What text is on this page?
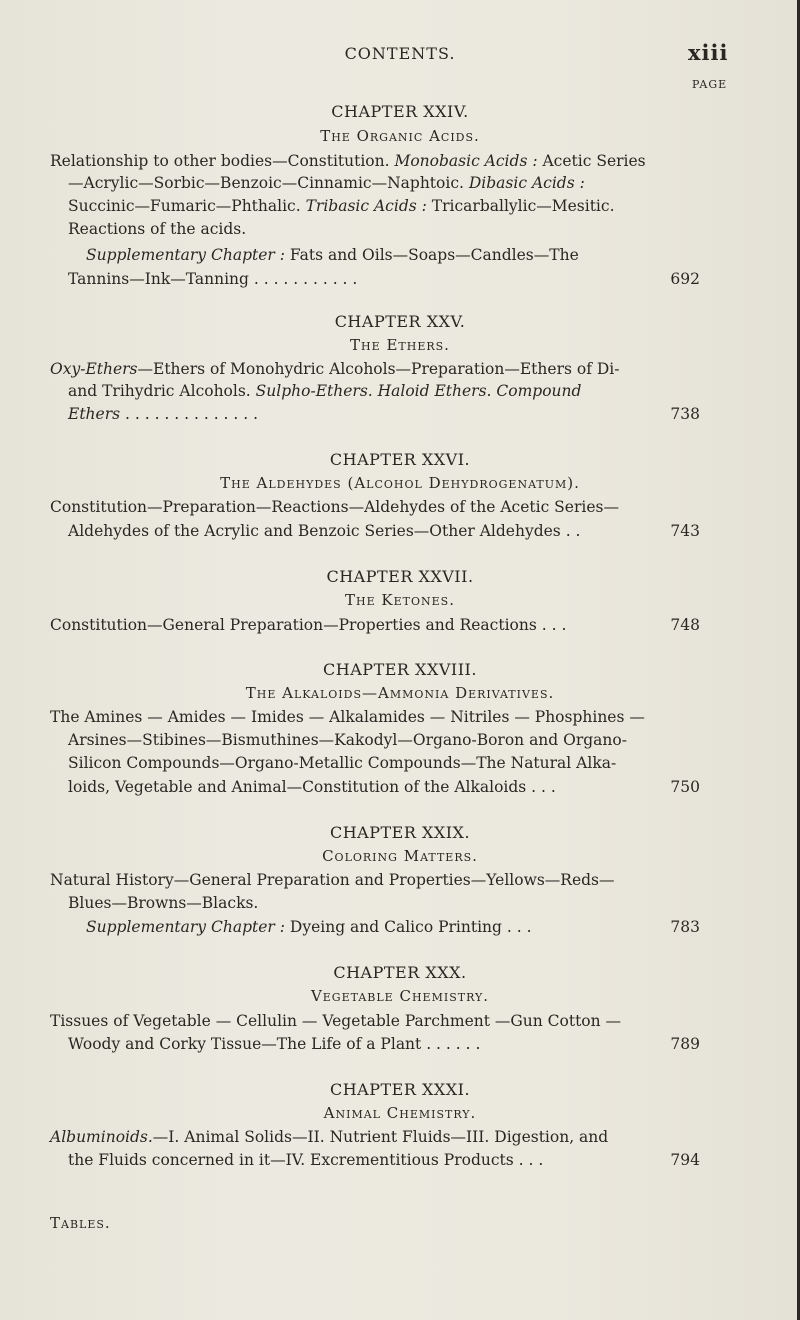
CONTENTS.	xiii
PAGE
CHAPTER XXIV.
The Organic Acids.
Relationship to other bodies—Constitution. Monobasic Acids : Acetic Series
—Acrylic—Sorbic—Benzoic—Cinnamic—Naphtoic. Dibasic Acids :
Succinic—Fumaric—Phthalic. Tribasic Acids : Tricarballylic—Mesitic.
Reactions of the acids.
Supplementary Chapter : Fats and Oils—Soaps—Candles—The
Tannins—Ink—Tanning . . . . . . . . . . .	692
CHAPTER XXV.
The Ethers.
Oxy-Ethers—Ethers of Monohydric Alcohols—Preparation—Ethers of Di-
and Trihydric Alcohols. Sulpho-Ethers. Haloid Ethers. Compound
Ethers . . . . . . . . . . . . . .	738
CHAPTER XXVI.
The Aldehydes (Alcohol Dehydrogenatum).
Constitution—Preparation—Reactions—Aldehydes of the Acetic Series—
Aldehydes of the Acrylic and Benzoic Series—Other Aldehydes . .	743
CHAPTER XXVII.
The Ketones.
Constitution—General Preparation—Properties and Reactions . . .	748
CHAPTER XXVIII.
The Alkaloids—Ammonia Derivatives.
The Amines — Amides — Imides — Alkalamides — Nitriles — Phosphines —
Arsines—Stibines—Bismuthines—Kakodyl—Organo-Boron and Organo-
Silicon Compounds—Organo-Metallic Compounds—The Natural Alka-
loids, Vegetable and Animal—Constitution of the Alkaloids . . .	750
CHAPTER XXIX.
Coloring Matters.
Natural History—General Preparation and Properties—Yellows—Reds—
Blues—Browns—Blacks.
Supplementary Chapter : Dyeing and Calico Printing . . .	783
CHAPTER XXX.
Vegetable Chemistry.
Tissues of Vegetable — Cellulin — Vegetable Parchment —Gun Cotton —
Woody and Corky Tissue—The Life of a Plant . . . . . .	789
CHAPTER XXXI.
Animal Chemistry.
Albuminoids.—I. Animal Solids—II. Nutrient Fluids—III. Digestion, and
the Fluids concerned in it—IV. Excrementitious Products . . .	794
Tables.
